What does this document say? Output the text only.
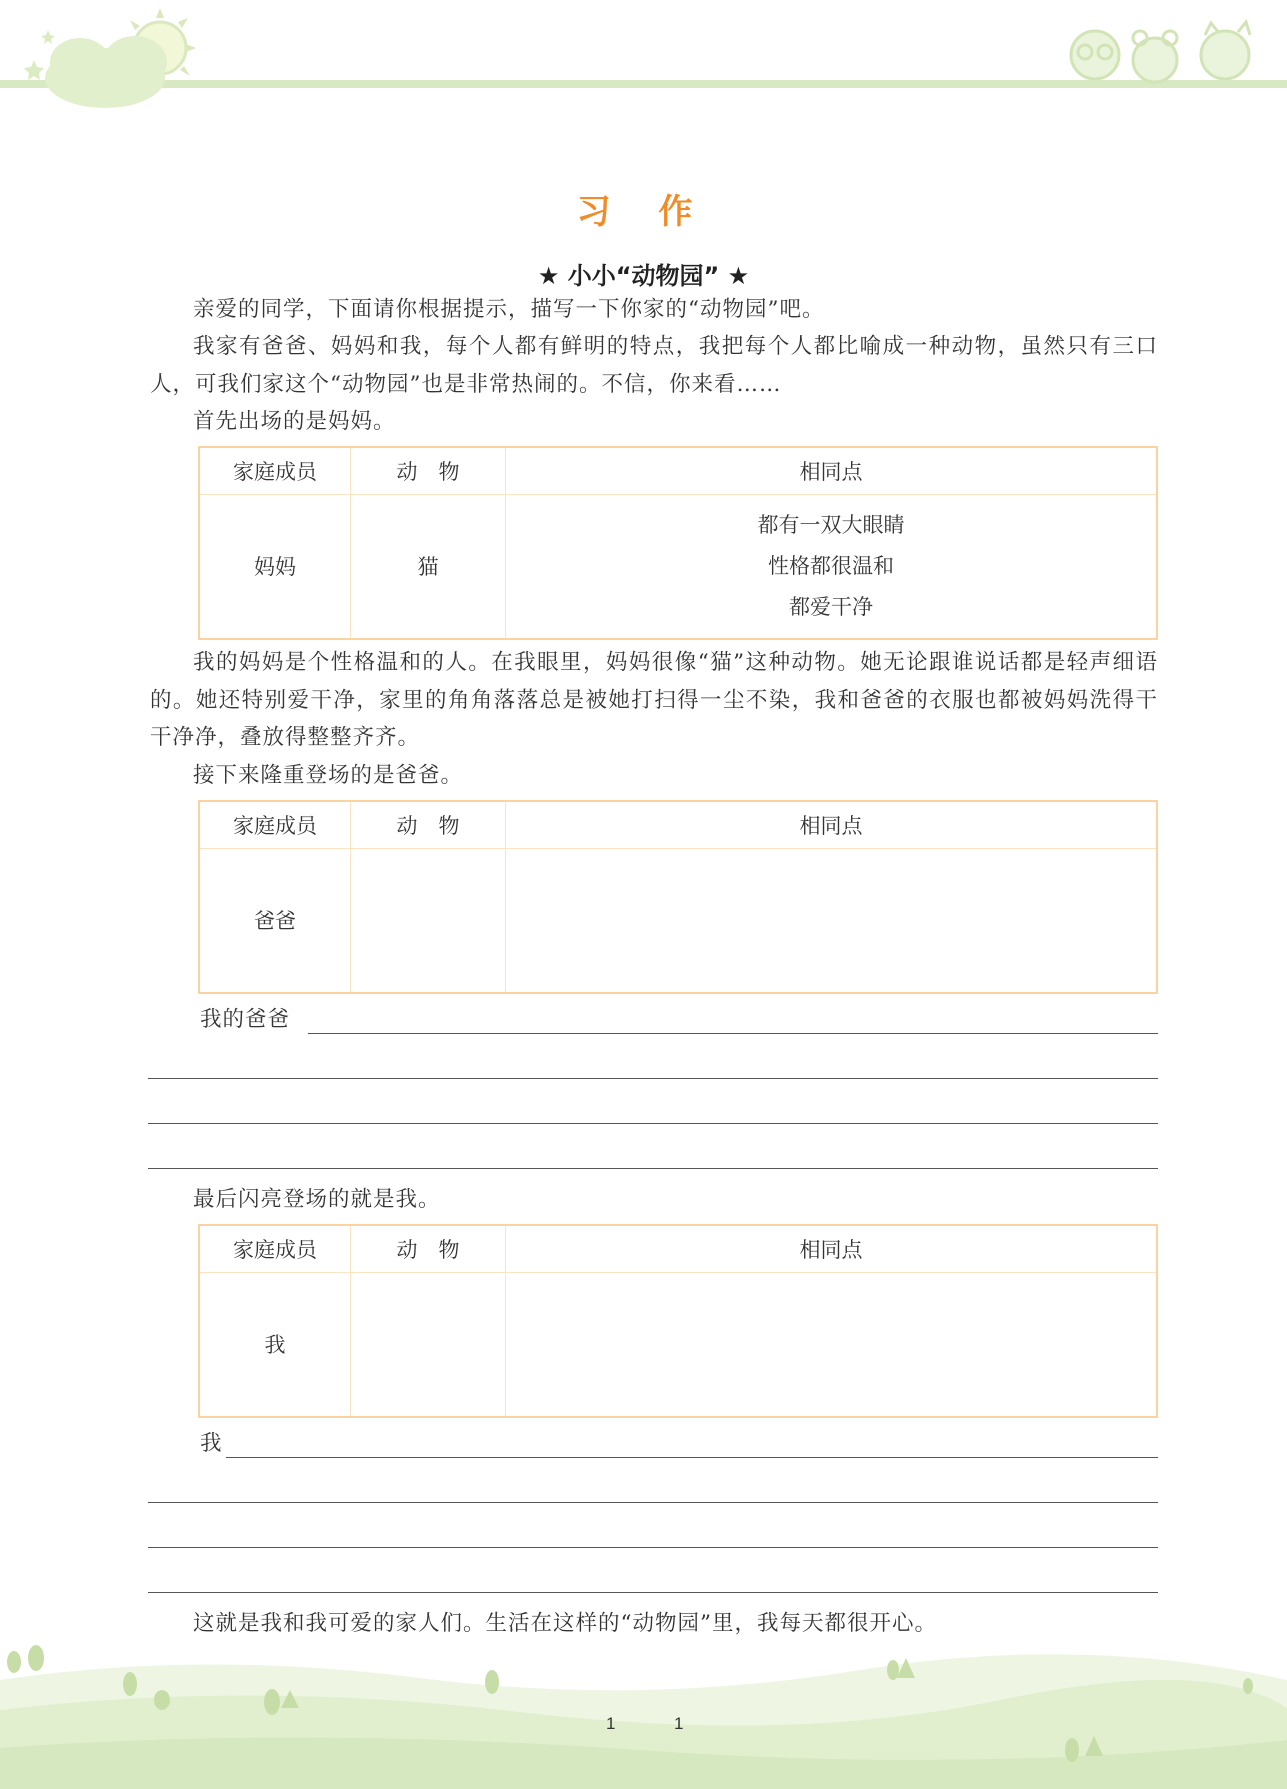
习 作
★ 小小“动物园” ★
亲爱的同学，下面请你根据提示，描写一下你家的“动物园”吧。
我家有爸爸、妈妈和我，每个人都有鲜明的特点，我把每个人都比喻成一种动物，虽然只有三口人，可我们家这个“动物园”也是非常热闹的。不信，你来看……
首先出场的是妈妈。
家庭成员	动　物	相同点
妈妈	猫	都有一双大眼睛
性格都很温和
都爱干净
我的妈妈是个性格温和的人。在我眼里，妈妈很像“猫”这种动物。她无论跟谁说话都是轻声细语的。她还特别爱干净，家里的角角落落总是被她打扫得一尘不染，我和爸爸的衣服也都被妈妈洗得干干净净，叠放得整整齐齐。
接下来隆重登场的是爸爸。
家庭成员	动　物	相同点
爸爸		
我的爸爸
最后闪亮登场的就是我。
家庭成员	动　物	相同点
我		
我
这就是我和我可爱的家人们。生活在这样的“动物园”里，我每天都很开心。
1	1
